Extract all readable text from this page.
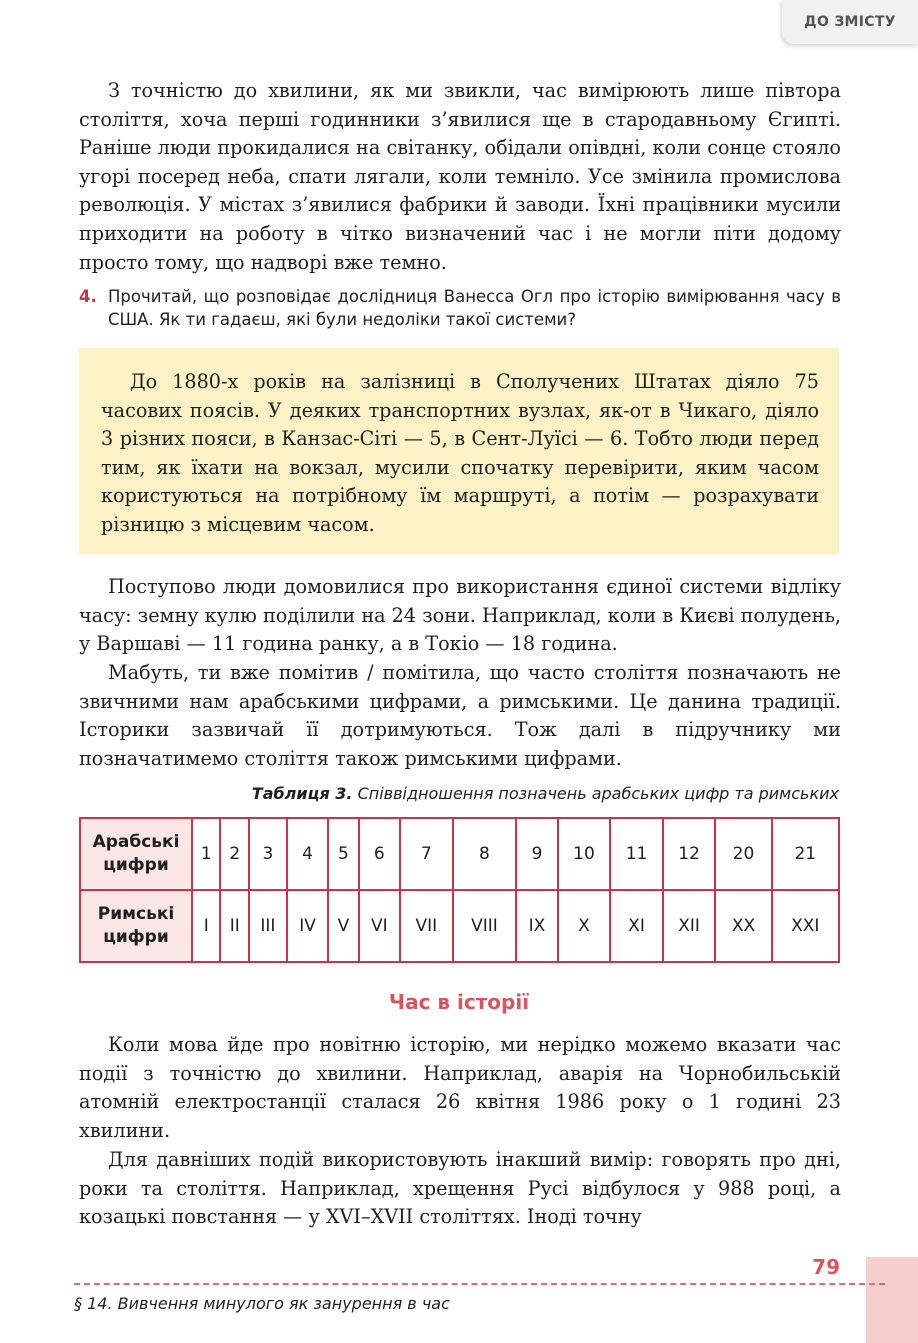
ДО ЗМІСТУ

З точністю до хвилини, як ми звикли, час вимірюють лише півтора століття, хоча перші годинники з’явилися ще в стародавньому Єгипті. Раніше люди прокидалися на світанку, обідали опівдні, коли сонце стояло угорі посеред неба, спати лягали, коли темніло. Усе змінила промислова революція. У містах з’явилися фабрики й заводи. Їхні працівники мусили приходити на роботу в чітко визначений час і не могли піти додому просто тому, що надворі вже темно.

4. Прочитай, що розповідає дослідниця Ванесса Огл про історію вимірювання часу в США. Як ти гадаєш, які були недоліки такої системи?

До 1880-х років на залізниці в Сполучених Штатах діяло 75 часових поясів. У деяких транспортних вузлах, як-от в Чикаго, діяло 3 різних пояси, в Канзас-Сіті — 5, в Сент-Луїсі — 6. Тобто люди перед тим, як їхати на вокзал, мусили спочатку перевірити, яким часом користуються на потрібному їм маршруті, а потім — розрахувати різницю з місцевим часом.

Поступово люди домовилися про використання єдиної системи відліку часу: земну кулю поділили на 24 зони. Наприклад, коли в Києві полудень, у Варшаві — 11 година ранку, а в Токіо — 18 година.

Мабуть, ти вже помітив / помітила, що часто століття позначають не звичними нам арабськими цифрами, а римськими. Це данина традиції. Історики зазвичай її дотримуються. Тож далі в підручнику ми позначатимемо століття також римськими цифрами.

Таблиця 3. Співвідношення позначень арабських цифр та римських
Арабські цифри	1	2	3	4	5	6	7	8	9	10	11	12	20	21
Римські цифри	I	II	III	IV	V	VI	VII	VIII	IX	X	XI	XII	XX	XXI
Час в історії

Коли мова йде про новітню історію, ми нерідко можемо вказати час події з точністю до хвилини. Наприклад, аварія на Чорнобильській атомній електростанції сталася 26 квітня 1986 року о 1 годині 23 хвилини.

Для давніших подій використовують інакший вимір: говорять про дні, роки та століття. Наприклад, хрещення Русі відбулося у 988 році, а козацькі повстання — у XVI–XVII століттях. Іноді точну

79
§ 14. Вивчення минулого як занурення в час
